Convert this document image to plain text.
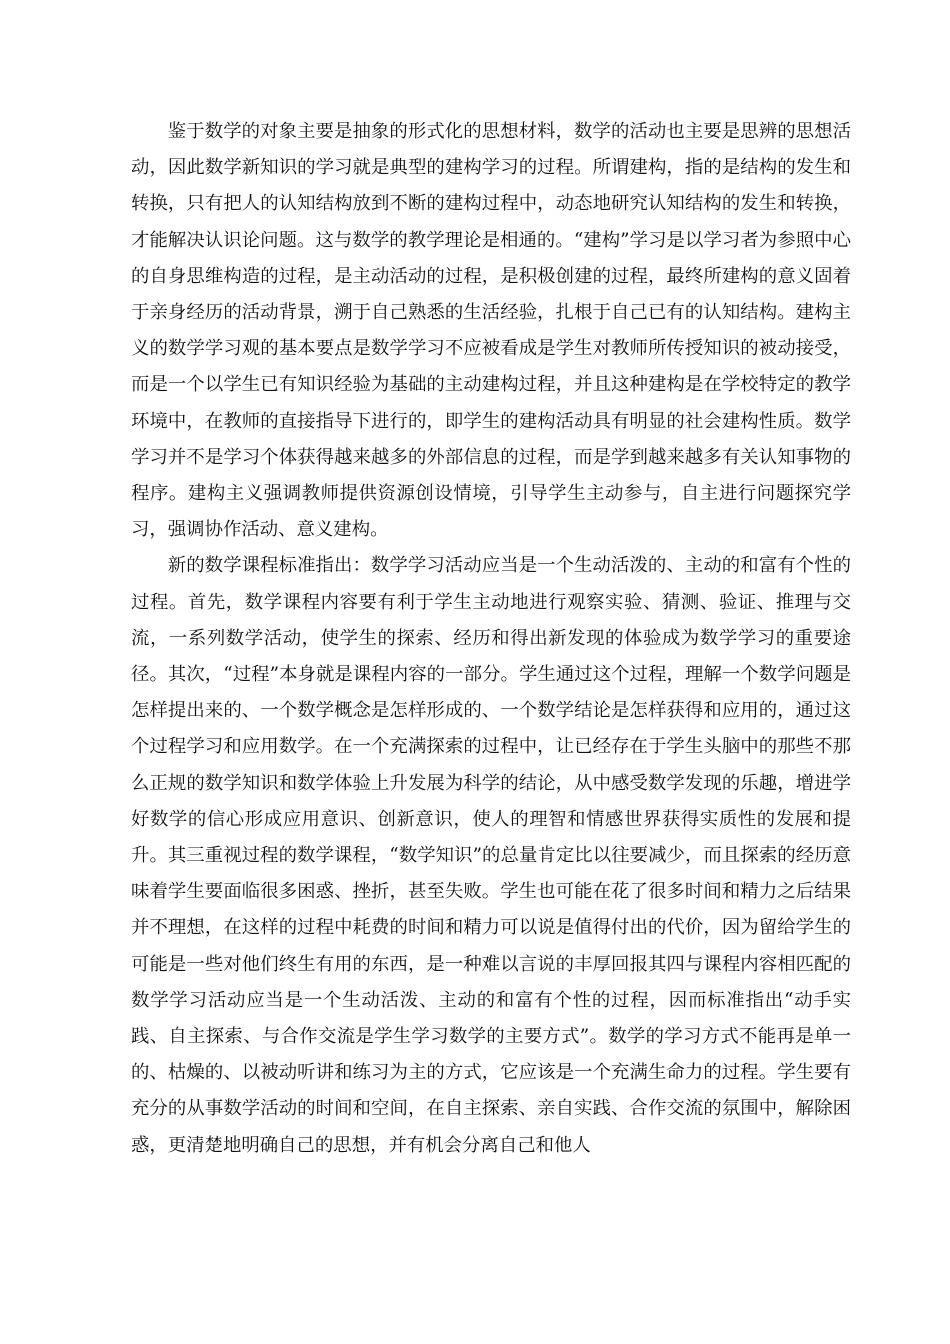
鉴于数学的对象主要是抽象的形式化的思想材料，数学的活动也主要是思辨的思想活动，因此数学新知识的学习就是典型的建构学习的过程。所谓建构，指的是结构的发生和转换，只有把人的认知结构放到不断的建构过程中，动态地研究认知结构的发生和转换，才能解决认识论问题。这与数学的教学理论是相通的。“建构”学习是以学习者为参照中心的自身思维构造的过程，是主动活动的过程，是积极创建的过程，最终所建构的意义固着于亲身经历的活动背景，溯于自己熟悉的生活经验，扎根于自己已有的认知结构。建构主义的数学学习观的基本要点是数学学习不应被看成是学生对教师所传授知识的被动接受，而是一个以学生已有知识经验为基础的主动建构过程，并且这种建构是在学校特定的教学环境中，在教师的直接指导下进行的，即学生的建构活动具有明显的社会建构性质。数学学习并不是学习个体获得越来越多的外部信息的过程，而是学到越来越多有关认知事物的程序。建构主义强调教师提供资源创设情境，引导学生主动参与，自主进行问题探究学习，强调协作活动、意义建构。

新的数学课程标准指出：数学学习活动应当是一个生动活泼的、主动的和富有个性的过程。首先，数学课程内容要有利于学生主动地进行观察实验、猜测、验证、推理与交流，一系列数学活动，使学生的探索、经历和得出新发现的体验成为数学学习的重要途径。其次，“过程”本身就是课程内容的一部分。学生通过这个过程，理解一个数学问题是怎样提出来的、一个数学概念是怎样形成的、一个数学结论是怎样获得和应用的，通过这个过程学习和应用数学。在一个充满探索的过程中，让已经存在于学生头脑中的那些不那么正规的数学知识和数学体验上升发展为科学的结论，从中感受数学发现的乐趣，增进学好数学的信心形成应用意识、创新意识，使人的理智和情感世界获得实质性的发展和提升。其三重视过程的数学课程，“数学知识”的总量肯定比以往要减少，而且探索的经历意味着学生要面临很多困惑、挫折，甚至失败。学生也可能在花了很多时间和精力之后结果并不理想，在这样的过程中耗费的时间和精力可以说是值得付出的代价，因为留给学生的可能是一些对他们终生有用的东西，是一种难以言说的丰厚回报其四与课程内容相匹配的数学学习活动应当是一个生动活泼、主动的和富有个性的过程，因而标准指出“动手实践、自主探索、与合作交流是学生学习数学的主要方式”。数学的学习方式不能再是单一的、枯燥的、以被动听讲和练习为主的方式，它应该是一个充满生命力的过程。学生要有充分的从事数学活动的时间和空间，在自主探索、亲自实践、合作交流的氛围中，解除困惑，更清楚地明确自己的思想，并有机会分离自己和他人
